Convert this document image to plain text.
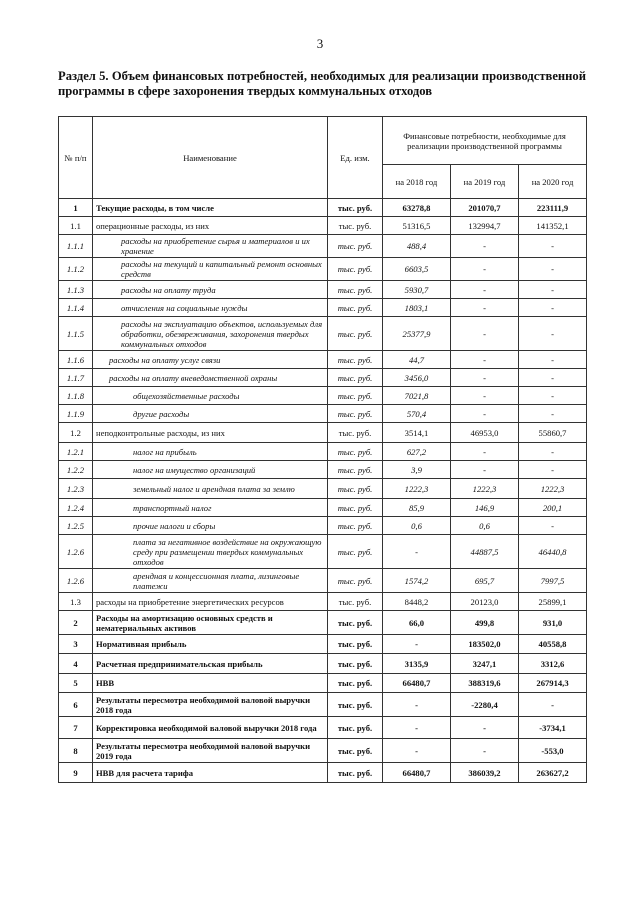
3
Раздел 5. Объем финансовых потребностей, необходимых для реализации производственной программы в сфере захоронения твердых коммунальных отходов
№ п/п	Наименование	Ед. изм.	Финансовые потребности, необходимые для реализации производственной программы		
			на 2018 год	на 2019 год	на 2020 год
1	Текущие расходы, в том числе	тыс. руб.	63278,8	201070,7	223111,9
1.1	операционные расходы, из них	тыс. руб.	51316,5	132994,7	141352,1
1.1.1	расходы на приобретение сырья и материалов и их хранение	тыс. руб.	488,4	-	-
1.1.2	расходы на текущий и капитальный ремонт основных средств	тыс. руб.	6603,5	-	-
1.1.3	расходы на оплату труда	тыс. руб.	5930,7	-	-
1.1.4	отчисления на социальные нужды	тыс. руб.	1803,1	-	-
1.1.5	расходы на эксплуатацию объектов, используемых для обработки, обезвреживания, захоронения твердых коммунальных отходов	тыс. руб.	25377,9	-	-
1.1.6	расходы на оплату услуг связи	тыс. руб.	44,7	-	-
1.1.7	расходы на оплату вневедомственной охраны	тыс. руб.	3456,0	-	-
1.1.8	общехозяйственные расходы	тыс. руб.	7021,8	-	-
1.1.9	другие расходы	тыс. руб.	570,4	-	-
1.2	неподконтрольные расходы, из них	тыс. руб.	3514,1	46953,0	55860,7
1.2.1	налог на прибыль	тыс. руб.	627,2	-	-
1.2.2	налог на имущество организаций	тыс. руб.	3,9	-	-
1.2.3	земельный налог и арендная плата за землю	тыс. руб.	1222,3	1222,3	1222,3
1.2.4	транспортный налог	тыс. руб.	85,9	146,9	200,1
1.2.5	прочие налоги и сборы	тыс. руб.	0,6	0,6	-
1.2.6	плата за негативное воздействие на окружающую среду при размещении твердых коммунальных отходов	тыс. руб.	-	44887,5	46440,8
1.2.6	арендная и концессионная плата, лизинговые платежи	тыс. руб.	1574,2	695,7	7997,5
1.3	расходы на приобретение энергетических ресурсов	тыс. руб.	8448,2	20123,0	25899,1
2	Расходы на амортизацию основных средств и нематериальных активов	тыс. руб.	66,0	499,8	931,0
3	Нормативная прибыль	тыс. руб.	-	183502,0	40558,8
4	Расчетная предпринимательская прибыль	тыс. руб.	3135,9	3247,1	3312,6
5	НВВ	тыс. руб.	66480,7	388319,6	267914,3
6	Результаты пересмотра необходимой валовой выручки 2018 года	тыс. руб.	-	-2280,4	-
7	Корректировка необходимой валовой выручки 2018 года	тыс. руб.	-	-	-3734,1
8	Результаты пересмотра необходимой валовой выручки 2019 года	тыс. руб.	-	-	-553,0
9	НВВ для расчета тарифа	тыс. руб.	66480,7	386039,2	263627,2
